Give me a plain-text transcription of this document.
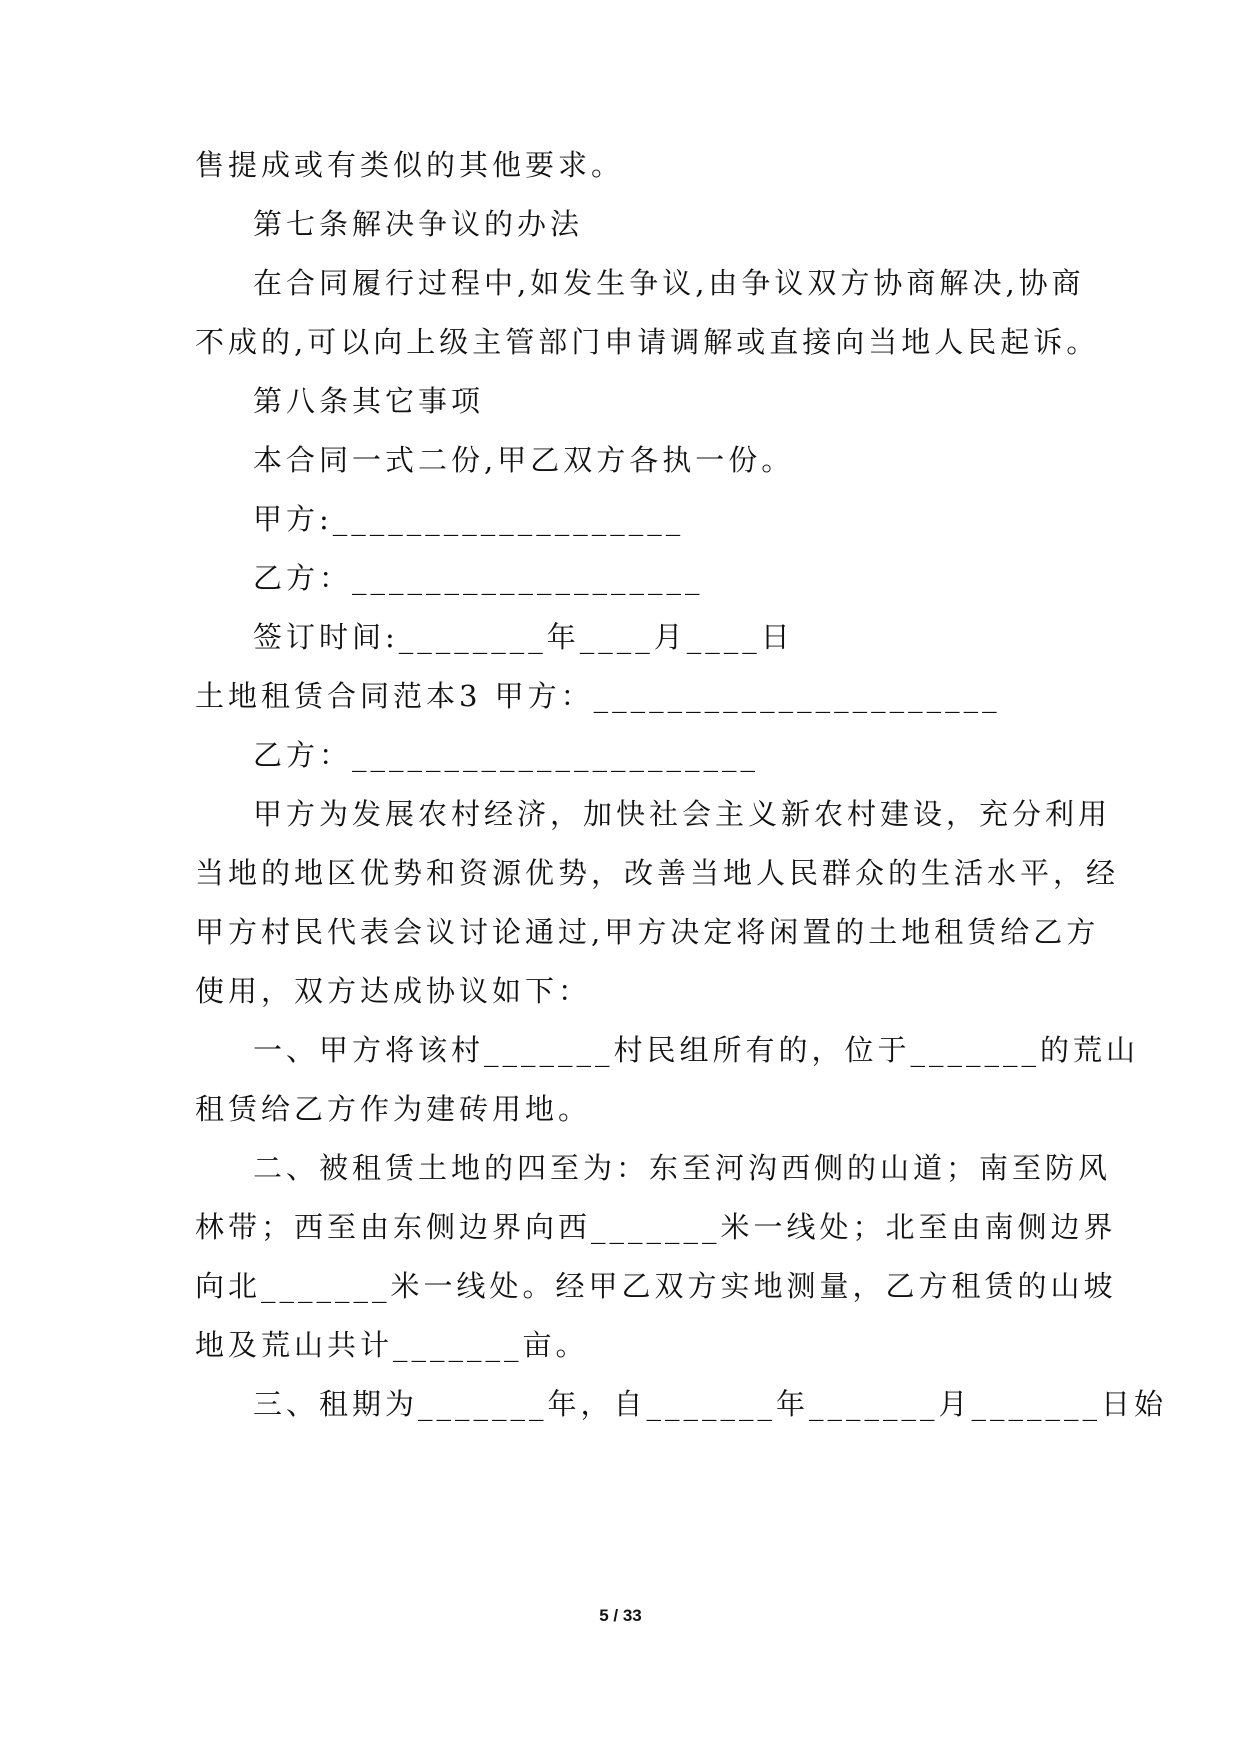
售提成或有类似的其他要求。
第七条解决争议的办法
在合同履行过程中,如发生争议,由争议双方协商解决,协商
不成的,可以向上级主管部门申请调解或直接向当地人民起诉。
第八条其它事项
本合同一式二份,甲乙双方各执一份。
甲方:___________________
乙方：___________________
签订时间:________年____月____日
土地租赁合同范本3 甲方：______________________
乙方：______________________
甲方为发展农村经济，加快社会主义新农村建设，充分利用
当地的地区优势和资源优势，改善当地人民群众的生活水平，经
甲方村民代表会议讨论通过,甲方决定将闲置的土地租赁给乙方
使用，双方达成协议如下：
一、甲方将该村_______村民组所有的，位于_______的荒山
租赁给乙方作为建砖用地。
二、被租赁土地的四至为：东至河沟西侧的山道；南至防风
林带；西至由东侧边界向西_______米一线处；北至由南侧边界
向北_______米一线处。经甲乙双方实地测量，乙方租赁的山坡
地及荒山共计_______亩。
三、租期为_______年，自_______年_______月_______日始
5 / 33
